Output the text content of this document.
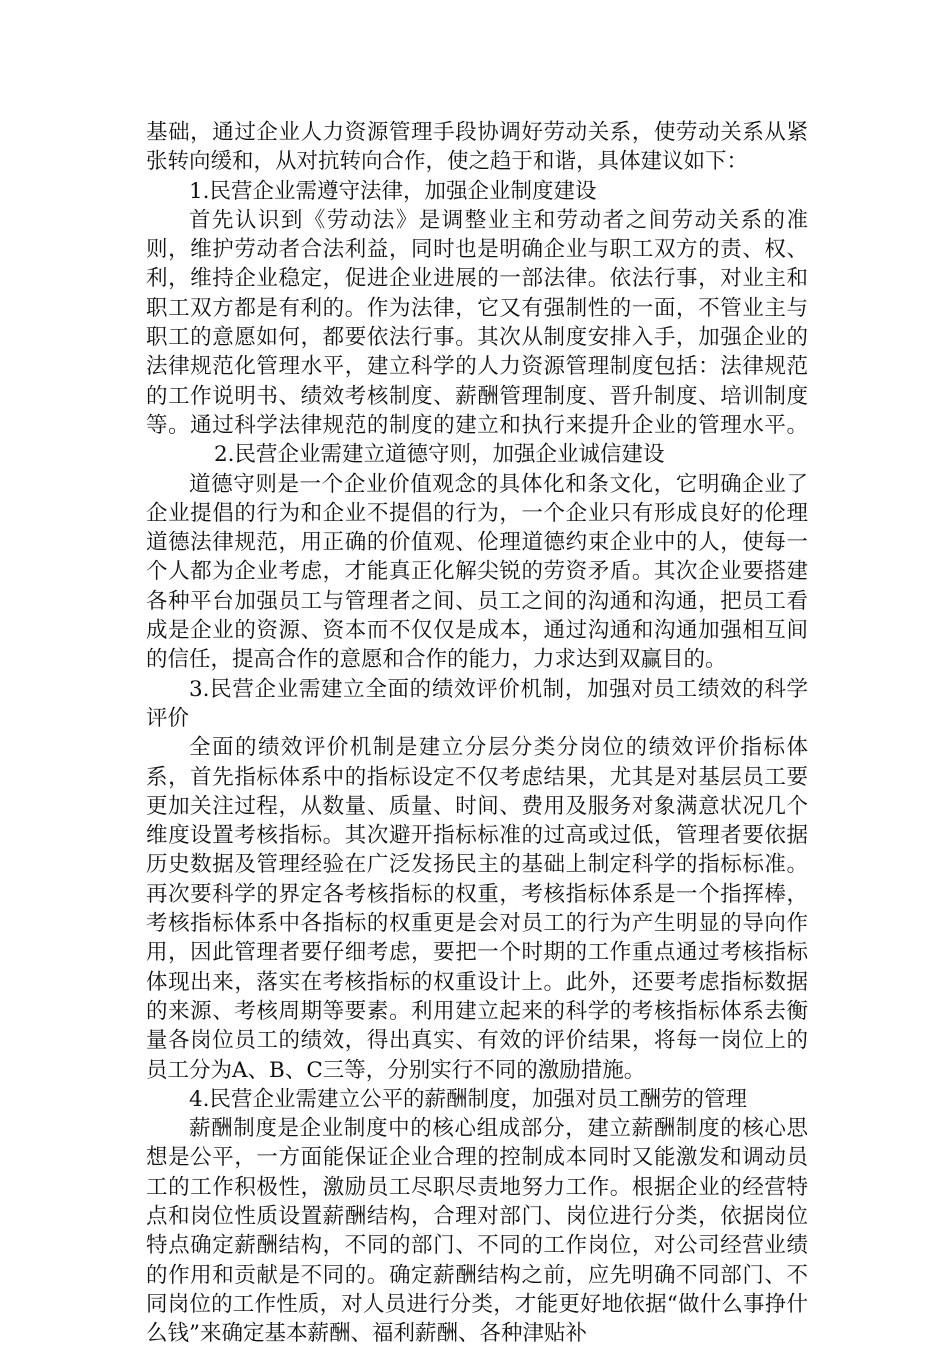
基础，通过企业人力资源管理手段协调好劳动关系，使劳动关系从紧张转向缓和，从对抗转向合作，使之趋于和谐，具体建议如下：

1.民营企业需遵守法律，加强企业制度建设

首先认识到《劳动法》是调整业主和劳动者之间劳动关系的准则，维护劳动者合法利益，同时也是明确企业与职工双方的责、权、利，维持企业稳定，促进企业进展的一部法律。依法行事，对业主和职工双方都是有利的。作为法律，它又有强制性的一面，不管业主与职工的意愿如何，都要依法行事。其次从制度安排入手，加强企业的法律规范化管理水平，建立科学的人力资源管理制度包括：法律规范的工作说明书、绩效考核制度、薪酬管理制度、晋升制度、培训制度等。通过科学法律规范的制度的建立和执行来提升企业的管理水平。2.民营企业需建立道德守则，加强企业诚信建设

道德守则是一个企业价值观念的具体化和条文化，它明确企业了企业提倡的行为和企业不提倡的行为，一个企业只有形成良好的伦理道德法律规范，用正确的价值观、伦理道德约束企业中的人，使每一个人都为企业考虑，才能真正化解尖锐的劳资矛盾。其次企业要搭建各种平台加强员工与管理者之间、员工之间的沟通和沟通，把员工看成是企业的资源、资本而不仅仅是成本，通过沟通和沟通加强相互间的信任，提高合作的意愿和合作的能力，力求达到双赢目的。

3.民营企业需建立全面的绩效评价机制，加强对员工绩效的科学评价

全面的绩效评价机制是建立分层分类分岗位的绩效评价指标体系，首先指标体系中的指标设定不仅考虑结果，尤其是对基层员工要更加关注过程，从数量、质量、时间、费用及服务对象满意状况几个维度设置考核指标。其次避开指标标准的过高或过低，管理者要依据历史数据及管理经验在广泛发扬民主的基础上制定科学的指标标准。再次要科学的界定各考核指标的权重，考核指标体系是一个指挥棒，考核指标体系中各指标的权重更是会对员工的行为产生明显的导向作用，因此管理者要仔细考虑，要把一个时期的工作重点通过考核指标体现出来，落实在考核指标的权重设计上。此外，还要考虑指标数据的来源、考核周期等要素。利用建立起来的科学的考核指标体系去衡量各岗位员工的绩效，得出真实、有效的评价结果，将每一岗位上的员工分为A、B、C三等，分别实行不同的激励措施。

4.民营企业需建立公平的薪酬制度，加强对员工酬劳的管理

薪酬制度是企业制度中的核心组成部分，建立薪酬制度的核心思想是公平，一方面能保证企业合理的控制成本同时又能激发和调动员工的工作积极性，激励员工尽职尽责地努力工作。根据企业的经营特点和岗位性质设置薪酬结构，合理对部门、岗位进行分类，依据岗位特点确定薪酬结构，不同的部门、不同的工作岗位，对公司经营业绩的作用和贡献是不同的。确定薪酬结构之前，应先明确不同部门、不同岗位的工作性质，对人员进行分类，才能更好地依据“做什么事挣什么钱”来确定基本薪酬、福利薪酬、各种津贴补
